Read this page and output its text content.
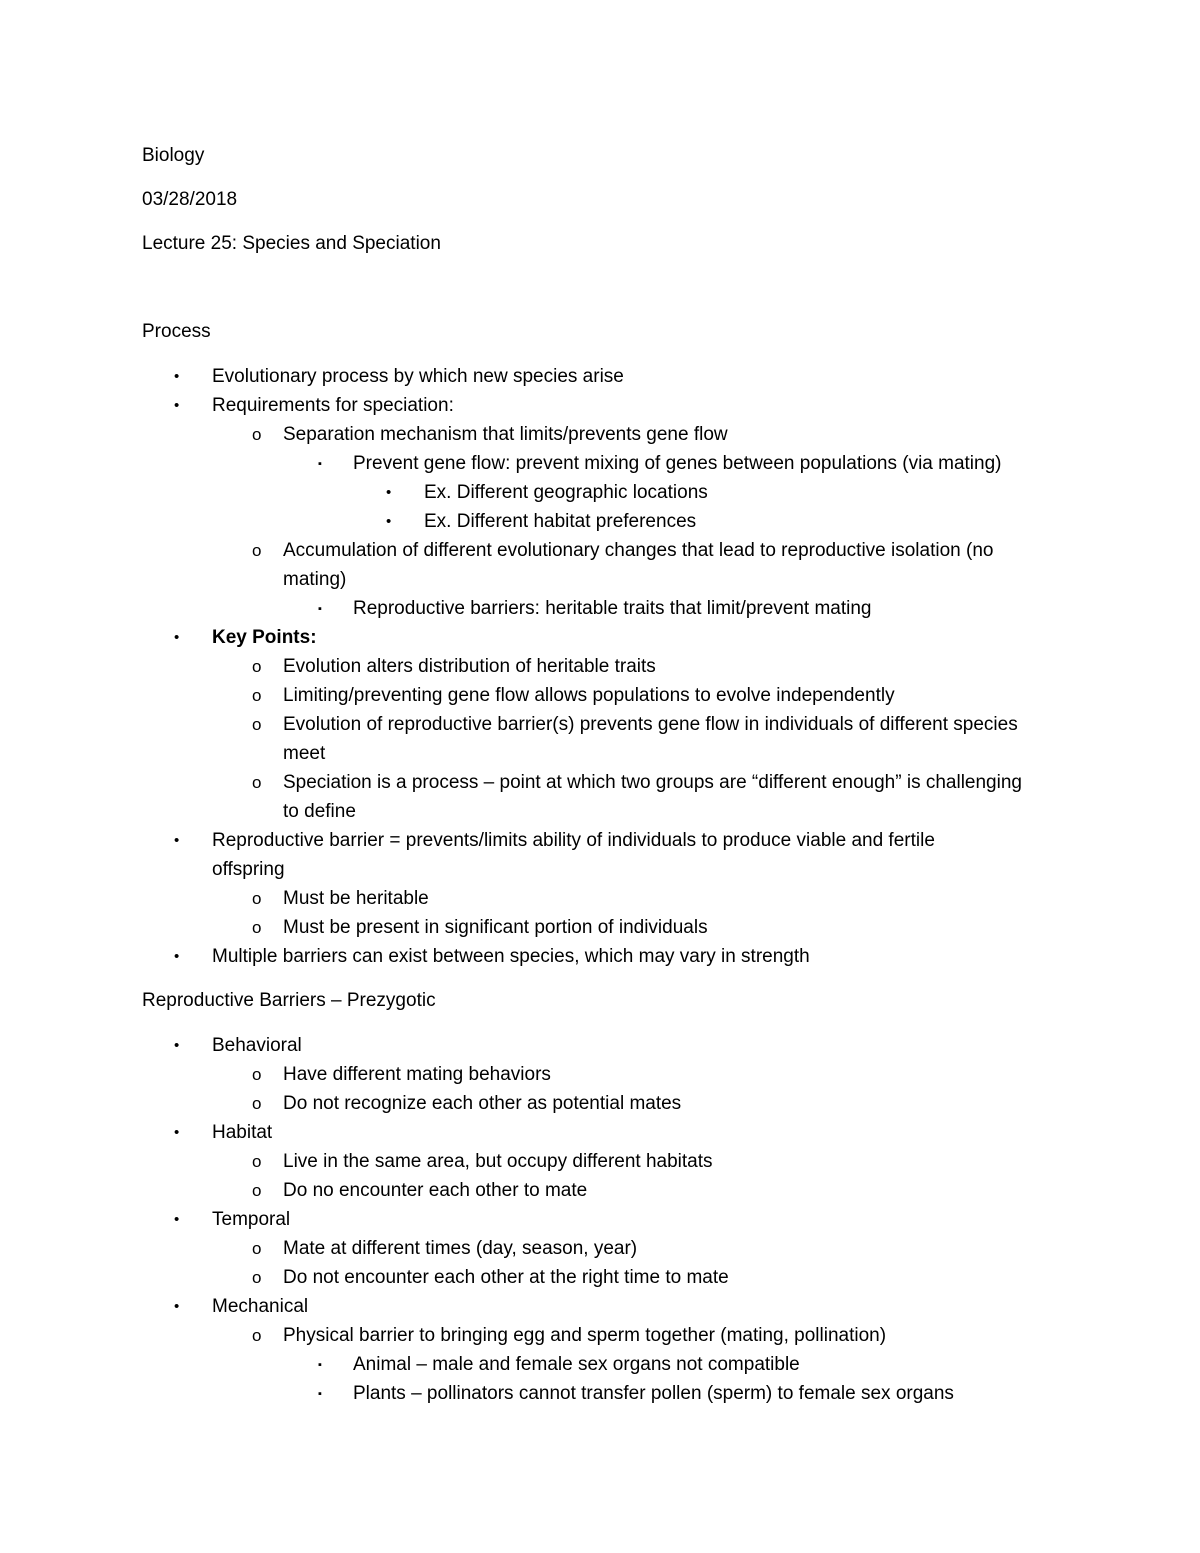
Biology
03/28/2018
Lecture 25: Species and Speciation
Process
• Evolutionary process by which new species arise
• Requirements for speciation:
o Separation mechanism that limits/prevents gene flow
▪ Prevent gene flow: prevent mixing of genes between populations (via mating)
• Ex. Different geographic locations
• Ex. Different habitat preferences
o Accumulation of different evolutionary changes that lead to reproductive isolation (no
mating)
▪ Reproductive barriers: heritable traits that limit/prevent mating
• Key Points:
o Evolution alters distribution of heritable traits
o Limiting/preventing gene flow allows populations to evolve independently
o Evolution of reproductive barrier(s) prevents gene flow in individuals of different species
meet
o Speciation is a process – point at which two groups are “different enough” is challenging
to define
• Reproductive barrier = prevents/limits ability of individuals to produce viable and fertile
offspring
o Must be heritable
o Must be present in significant portion of individuals
• Multiple barriers can exist between species, which may vary in strength
Reproductive Barriers – Prezygotic
• Behavioral
o Have different mating behaviors
o Do not recognize each other as potential mates
• Habitat
o Live in the same area, but occupy different habitats
o Do no encounter each other to mate
• Temporal
o Mate at different times (day, season, year)
o Do not encounter each other at the right time to mate
• Mechanical
o Physical barrier to bringing egg and sperm together (mating, pollination)
▪ Animal – male and female sex organs not compatible
▪ Plants – pollinators cannot transfer pollen (sperm) to female sex organs
